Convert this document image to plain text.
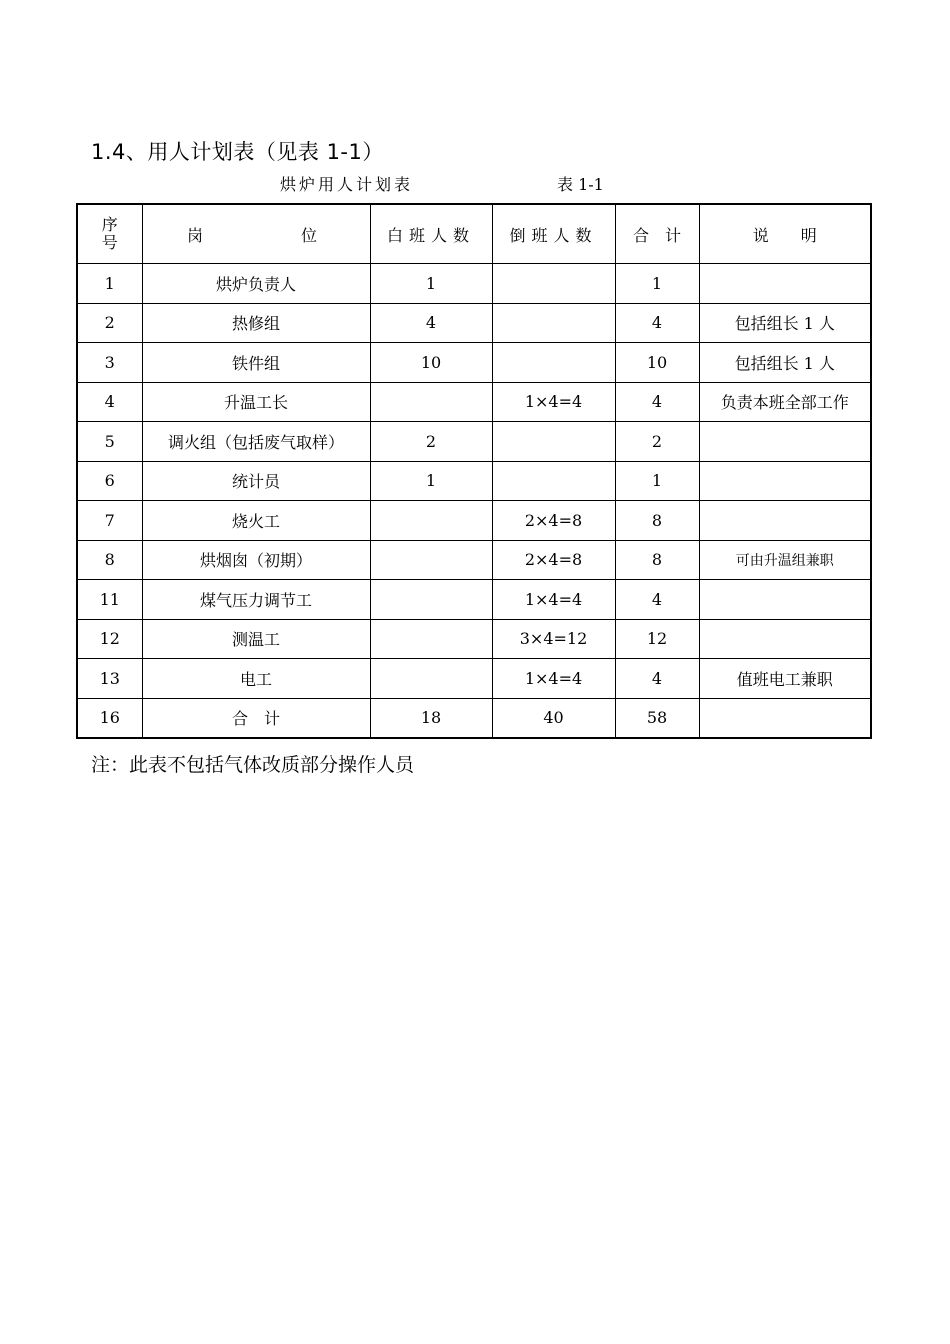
1.4、用人计划表（见表 1-1）
烘炉用人计划表	表 1-1
序
号	岗 位	白班人数	倒班人数	合　计	说　　明
1	烘炉负责人	1		1	
2	热修组	4		4	包括组长 1 人
3	铁件组	10		10	包括组长 1 人
4	升温工长		1×4=4	4	负责本班全部工作
5	调火组（包括废气取样）	2		2	
6	统计员	1		1	
7	烧火工		2×4=8	8	
8	烘烟囱（初期）		2×4=8	8	可由升温组兼职
11	煤气压力调节工		1×4=4	4	
12	测温工		3×4=12	12	
13	电工		1×4=4	4	值班电工兼职
16	合　计	18	40	58	
注：此表不包括气体改质部分操作人员
